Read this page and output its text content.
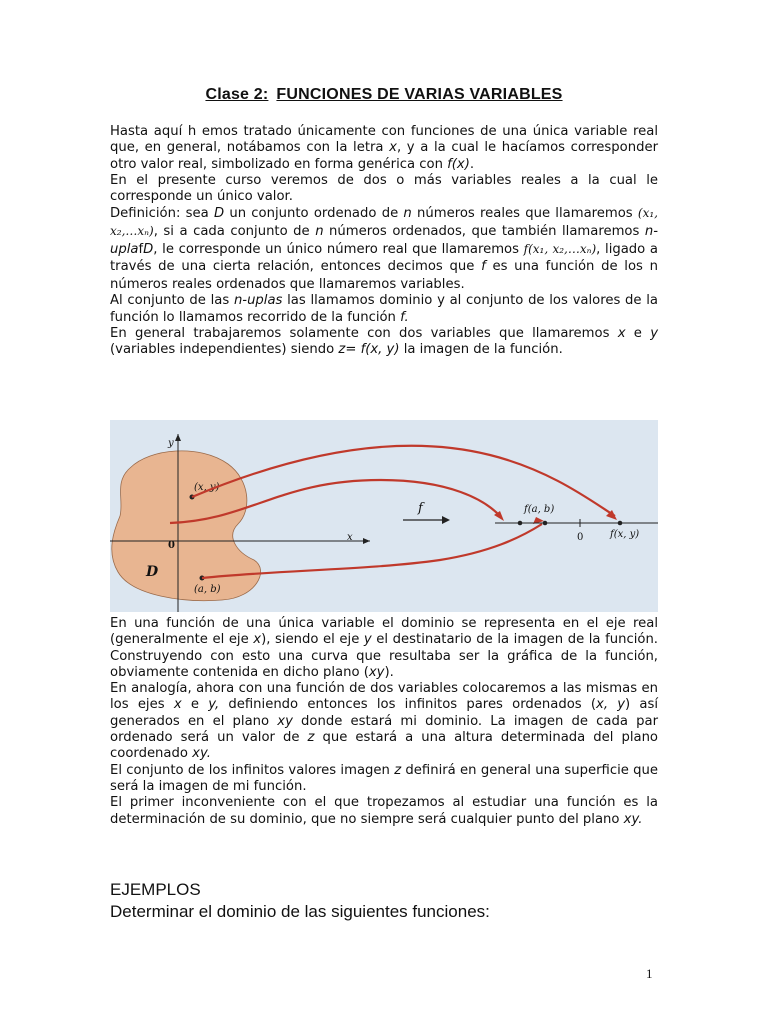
Clase 2: FUNCIONES DE VARIAS VARIABLES

Hasta aquí h emos tratado únicamente con funciones de una única variable real que, en general, notábamos con la letra x, y a la cual le hacíamos corresponder otro valor real, simbolizado en forma genérica con f(x).

En el presente curso veremos de dos o más variables reales a la cual le corresponde un único valor.

Definición: sea D un conjunto ordenado de n números reales que llamaremos (x₁, x₂,…xₙ), si a cada conjunto de n números ordenados, que también llamaremos n-uplafD, le corresponde un único número real que llamaremos f(x₁, x₂,…xₙ), ligado a través de una cierta relación, entonces decimos que f es una función de los n números reales ordenados que llamaremos variables.

Al conjunto de las n-uplas las llamamos dominio y al conjunto de los valores de la función lo llamamos recorrido de la función f.

En general trabajaremos solamente con dos variables que llamaremos x e y (variables independientes) siendo z= f(x, y) la imagen de la función.

y
x
0
D
(x, y)
(a, b)
f	f(a, b)
0	f(x, y)

En una función de una única variable el dominio se representa en el eje real (generalmente el eje x), siendo el eje y el destinatario de la imagen de la función. Construyendo con esto una curva que resultaba ser la gráfica de la función, obviamente contenida en dicho plano (xy).

En analogía, ahora con una función de dos variables colocaremos a las mismas en los ejes x e y, definiendo entonces los infinitos pares ordenados (x, y) así generados en el plano xy donde estará mi dominio. La imagen de cada par ordenado será un valor de z que estará a una altura determinada del plano coordenado xy.

El conjunto de los infinitos valores imagen z definirá en general una superficie que será la imagen de mi función.

El primer inconveniente con el que tropezamos al estudiar una función es la determinación de su dominio, que no siempre será cualquier punto del plano xy.

EJEMPLOS
Determinar el dominio de las siguientes funciones:
1
